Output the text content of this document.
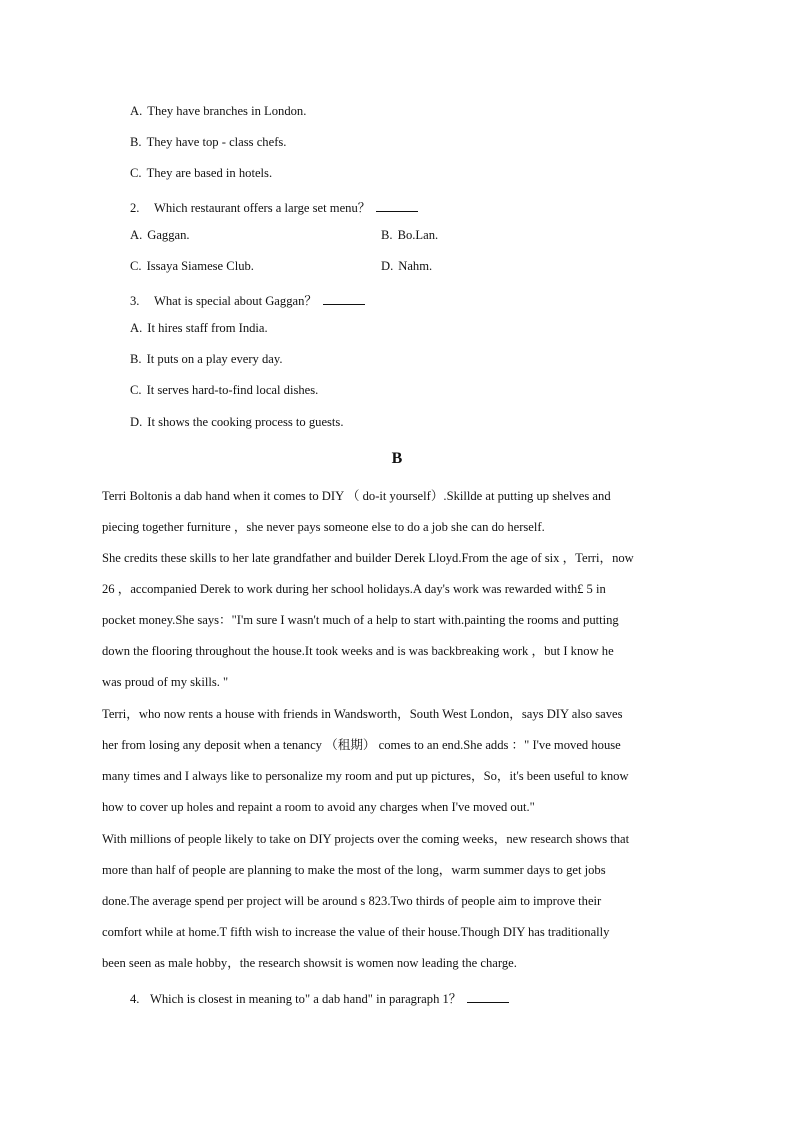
A. They have branches in London.
B. They have top - class chefs.
C. They are based in hotels.
2. Which restaurant offers a large set menu？
A. Gaggan.	B. Bo.Lan.
C. Issaya Siamese Club.	D. Nahm.
3. What is special about Gaggan？
A. It hires staff from India.
B. It puts on a play every day.
C. It serves hard-to-find local dishes.
D. It shows the cooking process to guests.
B
Terri Boltonis a dab hand when it comes to DIY （ do-it yourself）.Skillde at putting up shelves and
piecing together furniture ，she never pays someone else to do a job she can do herself.
She credits these skills to her late grandfather and builder Derek Lloyd.From the age of six ，Terri，now
26 ，accompanied Derek to work during her school holidays.A day's work was rewarded with£ 5 in
pocket money.She says："I'm sure I wasn't much of a help to start with.painting the rooms and putting
down the flooring throughout the house.It took weeks and is was backbreaking work ，but I know he
was proud of my skills. "
Terri，who now rents a house with friends in Wandsworth，South West London，says DIY also saves
her from losing any deposit when a tenancy （租期） comes to an end.She adds ：" I've moved house
many times and I always like to personalize my room and put up pictures，So，it's been useful to know
how to cover up holes and repaint a room to avoid any charges when I've moved out."
With millions of people likely to take on DIY projects over the coming weeks，new research shows that
more than half of people are planning to make the most of the long，warm summer days to get jobs
done.The average spend per project will be around s 823.Two thirds of people aim to improve their
comfort while at home.T fifth wish to increase the value of their house.Though DIY has traditionally
been seen as male hobby，the research showsit is women now leading the charge.
4. Which is closest in meaning to" a dab hand" in paragraph 1？
